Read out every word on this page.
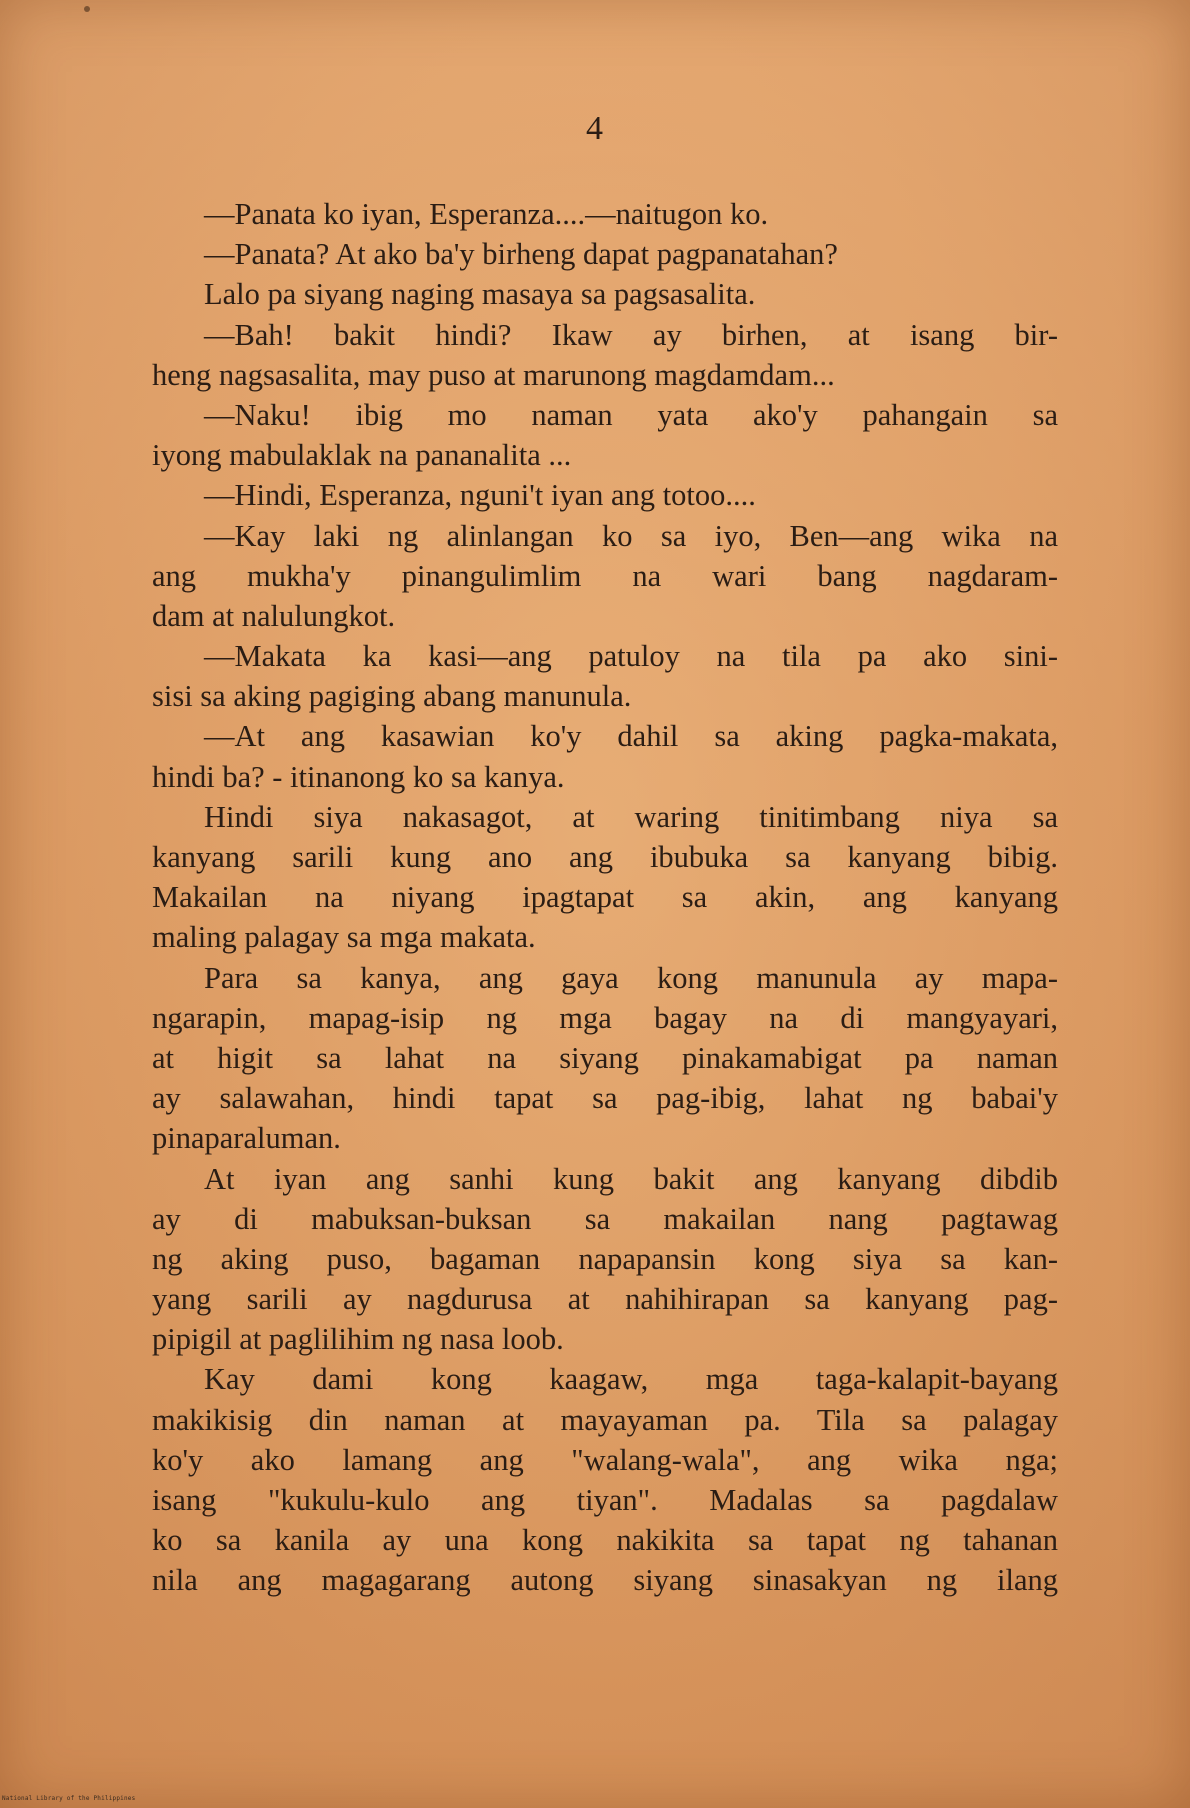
4

—Panata ko iyan, Esperanza....—naitugon ko.
—Panata? At ako ba'y birheng dapat pagpanatahan?
Lalo pa siyang naging masaya sa pagsasalita.
—Bah! bakit hindi? Ikaw ay birhen, at isang bir-
heng nagsasalita, may puso at marunong magdamdam...
—Naku! ibig mo naman yata ako'y pahangain sa
iyong mabulaklak na pananalita ...
—Hindi, Esperanza, nguni't iyan ang totoo....
—Kay laki ng alinlangan ko sa iyo, Ben—ang wika na
ang mukha'y pinangulimlim na wari bang nagdaram-
dam at nalulungkot.
—Makata ka kasi—ang patuloy na tila pa ako sini-
sisi sa aking pagiging abang manunula.
—At ang kasawian ko'y dahil sa aking pagka-makata,
hindi ba? - itinanong ko sa kanya.
Hindi siya nakasagot, at waring tinitimbang niya sa
kanyang sarili kung ano ang ibubuka sa kanyang bibig.
Makailan na niyang ipagtapat sa akin, ang kanyang
maling palagay sa mga makata.
Para sa kanya, ang gaya kong manunula ay mapa-
ngarapin, mapag-isip ng mga bagay na di mangyayari,
at higit sa lahat na siyang pinakamabigat pa naman
ay salawahan, hindi tapat sa pag-ibig, lahat ng babai'y
pinaparaluman.
At iyan ang sanhi kung bakit ang kanyang dibdib
ay di mabuksan-buksan sa makailan nang pagtawag
ng aking puso, bagaman napapansin kong siya sa kan-
yang sarili ay nagdurusa at nahihirapan sa kanyang pag-
pipigil at paglilihim ng nasa loob.
Kay dami kong kaagaw, mga taga-kalapit-bayang
makikisig din naman at mayayaman pa. Tila sa palagay
ko'y ako lamang ang "walang-wala", ang wika nga;
isang "kukulu-kulo ang tiyan". Madalas sa pagdalaw
ko sa kanila ay una kong nakikita sa tapat ng tahanan
nila ang magagarang autong siyang sinasakyan ng ilang

National Library of the Philippines
